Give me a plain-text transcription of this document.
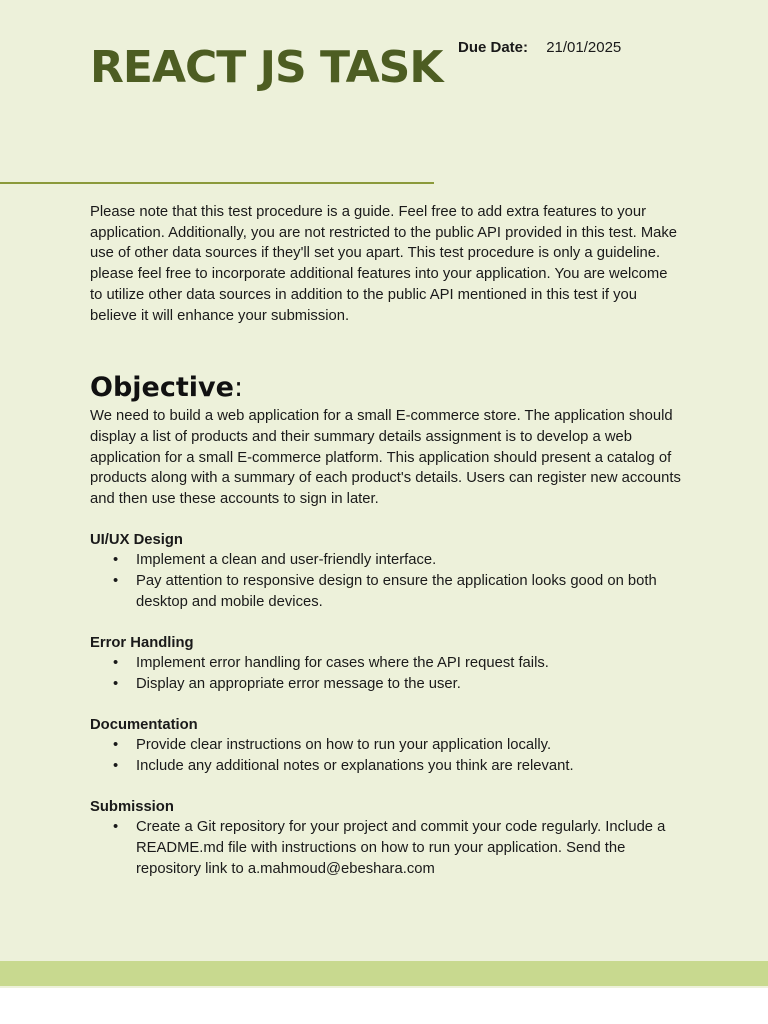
REACT JS TASK Due Date: 21/01/2025

Please note that this test procedure is a guide. Feel free to add extra features to your application. Additionally, you are not restricted to the public API provided in this test. Make use of other data sources if they'll set you apart. This test procedure is only a guideline. please feel free to incorporate additional features into your application. You are welcome to utilize other data sources in addition to the public API mentioned in this test if you believe it will enhance your submission.

Objective:

We need to build a web application for a small E-commerce store. The application should display a list of products and their summary details assignment is to develop a web application for a small E-commerce platform. This application should present a catalog of products along with a summary of each product's details. Users can register new accounts and then use these accounts to sign in later.

UI/UX Design
• Implement a clean and user-friendly interface.
• Pay attention to responsive design to ensure the application looks good on both desktop and mobile devices.
Error Handling
• Implement error handling for cases where the API request fails.
• Display an appropriate error message to the user.
Documentation
• Provide clear instructions on how to run your application locally.
• Include any additional notes or explanations you think are relevant.
Submission
• Create a Git repository for your project and commit your code regularly. Include a README.md file with instructions on how to run your application. Send the repository link to a.mahmoud@ebeshara.com
